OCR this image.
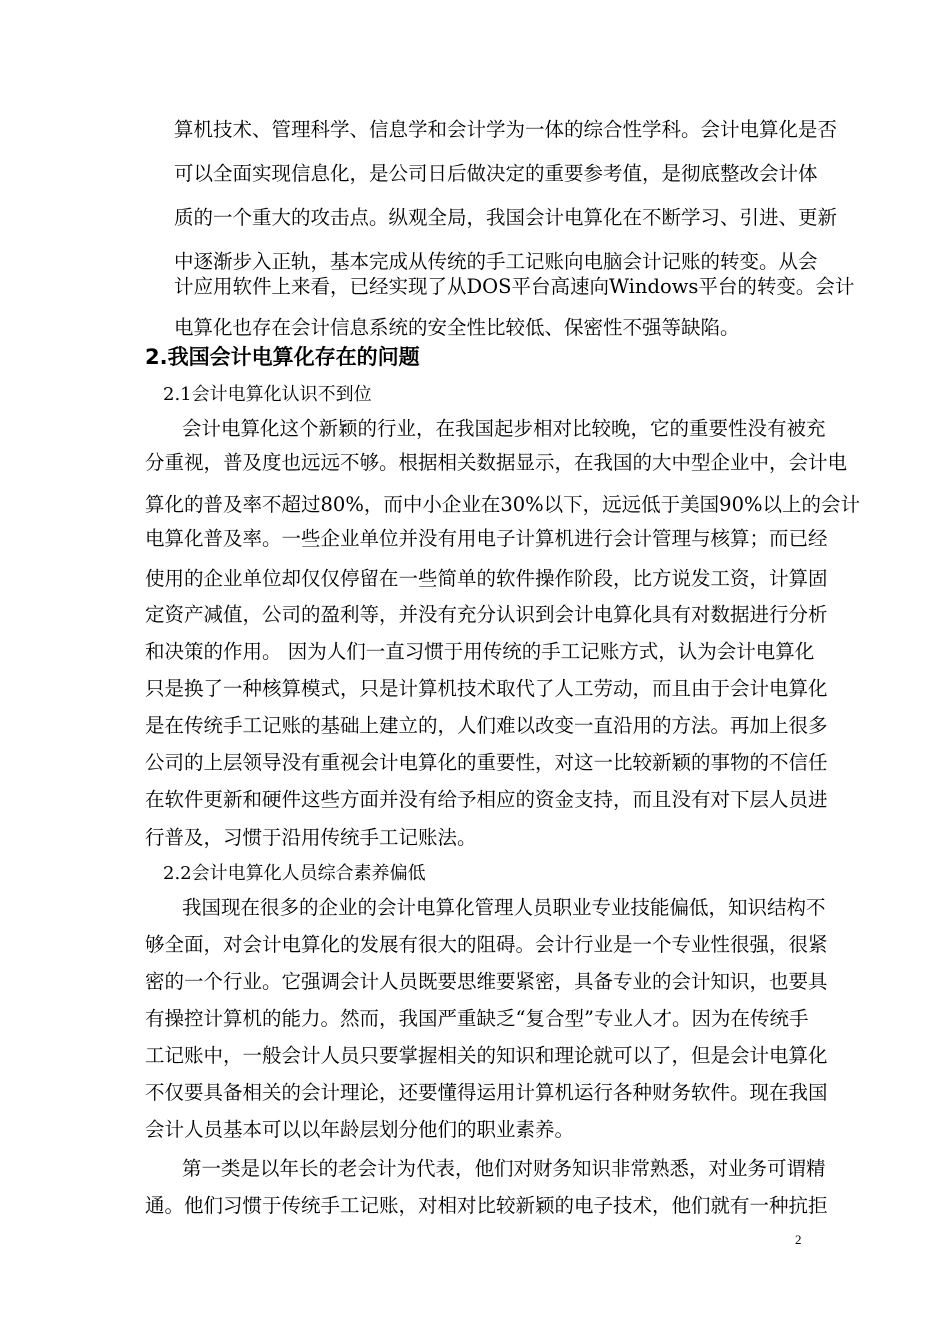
算机技术、管理科学、信息学和会计学为一体的综合性学科。会计电算化是否
可以全面实现信息化，是公司日后做决定的重要参考值，是彻底整改会计体
质的一个重大的攻击点。纵观全局，我国会计电算化在不断学习、引进、更新
中逐渐步入正轨，基本完成从传统的手工记账向电脑会计记账的转变。从会
计应用软件上来看，已经实现了从DOS平台高速向Windows平台的转变。会计
电算化也存在会计信息系统的安全性比较低、保密性不强等缺陷。
2.我国会计电算化存在的问题
2.1会计电算化认识不到位
会计电算化这个新颖的行业，在我国起步相对比较晚，它的重要性没有被充
分重视，普及度也远远不够。根据相关数据显示，在我国的大中型企业中，会计电
算化的普及率不超过80%，而中小企业在30%以下，远远低于美国90%以上的会计
电算化普及率。一些企业单位并没有用电子计算机进行会计管理与核算；而已经
使用的企业单位却仅仅停留在一些简单的软件操作阶段，比方说发工资，计算固
定资产减值，公司的盈利等，并没有充分认识到会计电算化具有对数据进行分析
和决策的作用。 因为人们一直习惯于用传统的手工记账方式，认为会计电算化
只是换了一种核算模式，只是计算机技术取代了人工劳动，而且由于会计电算化
是在传统手工记账的基础上建立的，人们难以改变一直沿用的方法。再加上很多
公司的上层领导没有重视会计电算化的重要性，对这一比较新颖的事物的不信任
在软件更新和硬件这些方面并没有给予相应的资金支持，而且没有对下层人员进
行普及，习惯于沿用传统手工记账法。
2.2会计电算化人员综合素养偏低
我国现在很多的企业的会计电算化管理人员职业专业技能偏低，知识结构不
够全面，对会计电算化的发展有很大的阻碍。会计行业是一个专业性很强，很紧
密的一个行业。它强调会计人员既要思维要紧密，具备专业的会计知识，也要具
有操控计算机的能力。然而，我国严重缺乏“复合型”专业人才。因为在传统手
工记账中，一般会计人员只要掌握相关的知识和理论就可以了，但是会计电算化
不仅要具备相关的会计理论，还要懂得运用计算机运行各种财务软件。现在我国
会计人员基本可以以年龄层划分他们的职业素养。
第一类是以年长的老会计为代表，他们对财务知识非常熟悉，对业务可谓精
通。他们习惯于传统手工记账，对相对比较新颖的电子技术，他们就有一种抗拒
2
